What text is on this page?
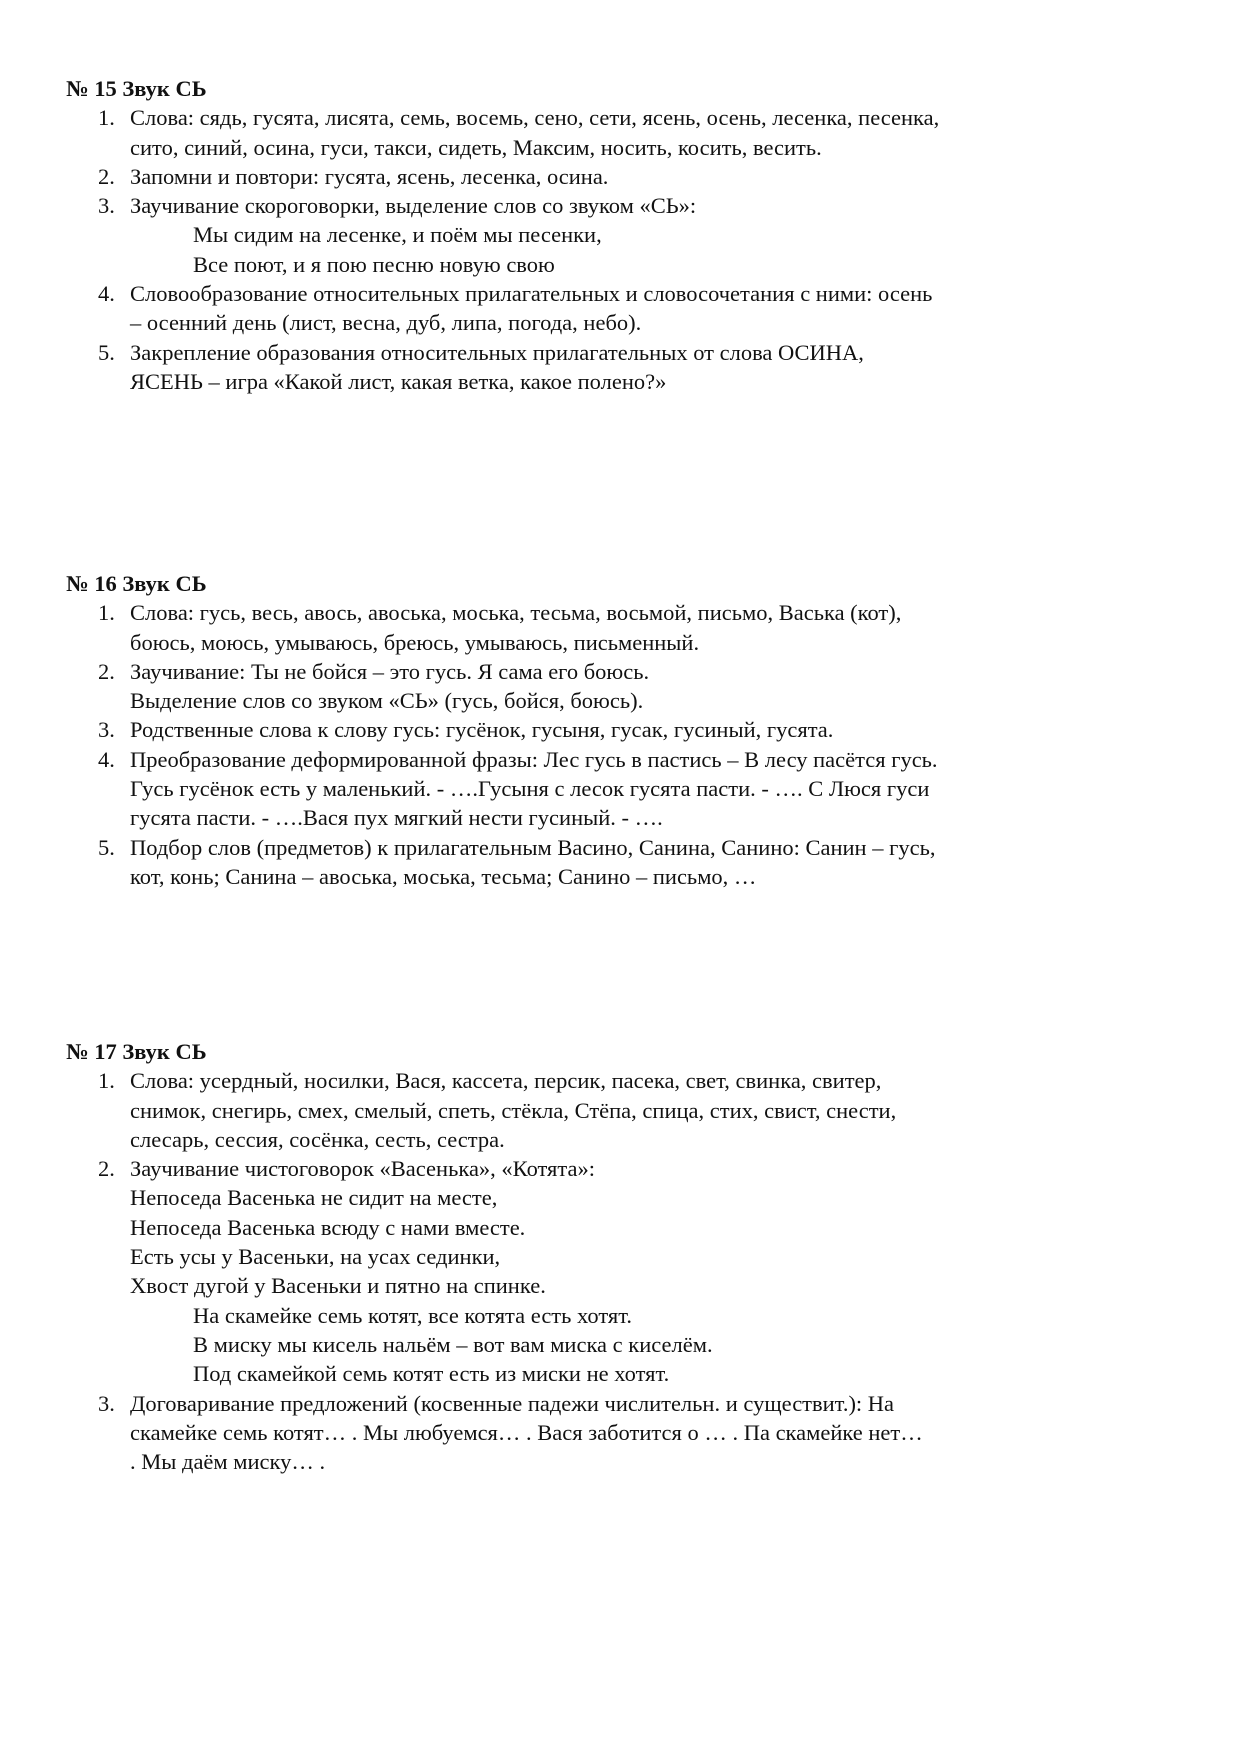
№ 15 Звук СЬ
1. Слова: сядь, гусята, лисята, семь, восемь, сено, сети, ясень, осень, лесенка, песенка,
сито, синий, осина, гуси, такси, сидеть, Максим, носить, косить, весить.
2. Запомни и повтори: гусята, ясень, лесенка, осина.
3. Заучивание скороговорки, выделение слов со звуком «СЬ»:
Мы сидим на лесенке, и поём мы песенки,
Все поют, и я пою песню новую свою
4. Словообразование относительных прилагательных и словосочетания с ними: осень
– осенний день (лист, весна, дуб, липа, погода, небо).
5. Закрепление образования относительных прилагательных от слова ОСИНА,
ЯСЕНЬ – игра «Какой лист, какая ветка, какое полено?»
№ 16 Звук СЬ
1. Слова: гусь, весь, авось, авоська, моська, тесьма, восьмой, письмо, Васька (кот),
боюсь, моюсь, умываюсь, бреюсь, умываюсь, письменный.
2. Заучивание: Ты не бойся – это гусь. Я сама его боюсь.
Выделение слов со звуком «СЬ» (гусь, бойся, боюсь).
3. Родственные слова к слову гусь: гусёнок, гусыня, гусак, гусиный, гусята.
4. Преобразование деформированной фразы: Лес гусь в пастись – В лесу пасётся гусь.
Гусь гусёнок есть у маленький. - ….Гусыня с лесок гусята пасти. - …. С Люся гуси
гусята пасти. - ….Вася пух мягкий нести гусиный. - ….
5. Подбор слов (предметов) к прилагательным Васино, Санина, Санино: Санин – гусь,
кот, конь; Санина – авоська, моська, тесьма; Санино – письмо, …
№ 17 Звук СЬ
1. Слова: усердный, носилки, Вася, кассета, персик, пасека, свет, свинка, свитер,
снимок, снегирь, смех, смелый, спеть, стёкла, Стёпа, спица, стих, свист, снести,
слесарь, сессия, сосёнка, сесть, сестра.
2. Заучивание чистоговорок «Васенька», «Котята»:
Непоседа Васенька не сидит на месте,
Непоседа Васенька всюду с нами вместе.
Есть усы у Васеньки, на усах сединки,
Хвост дугой у Васеньки и пятно на спинке.
На скамейке семь котят, все котята есть хотят.
В миску мы кисель нальём – вот вам миска с киселём.
Под скамейкой семь котят есть из миски не хотят.
3. Договаривание предложений (косвенные падежи числительн. и существит.): На
скамейке семь котят… . Мы любуемся… . Вася заботится о … . Па скамейке нет…
. Мы даём миску… .
